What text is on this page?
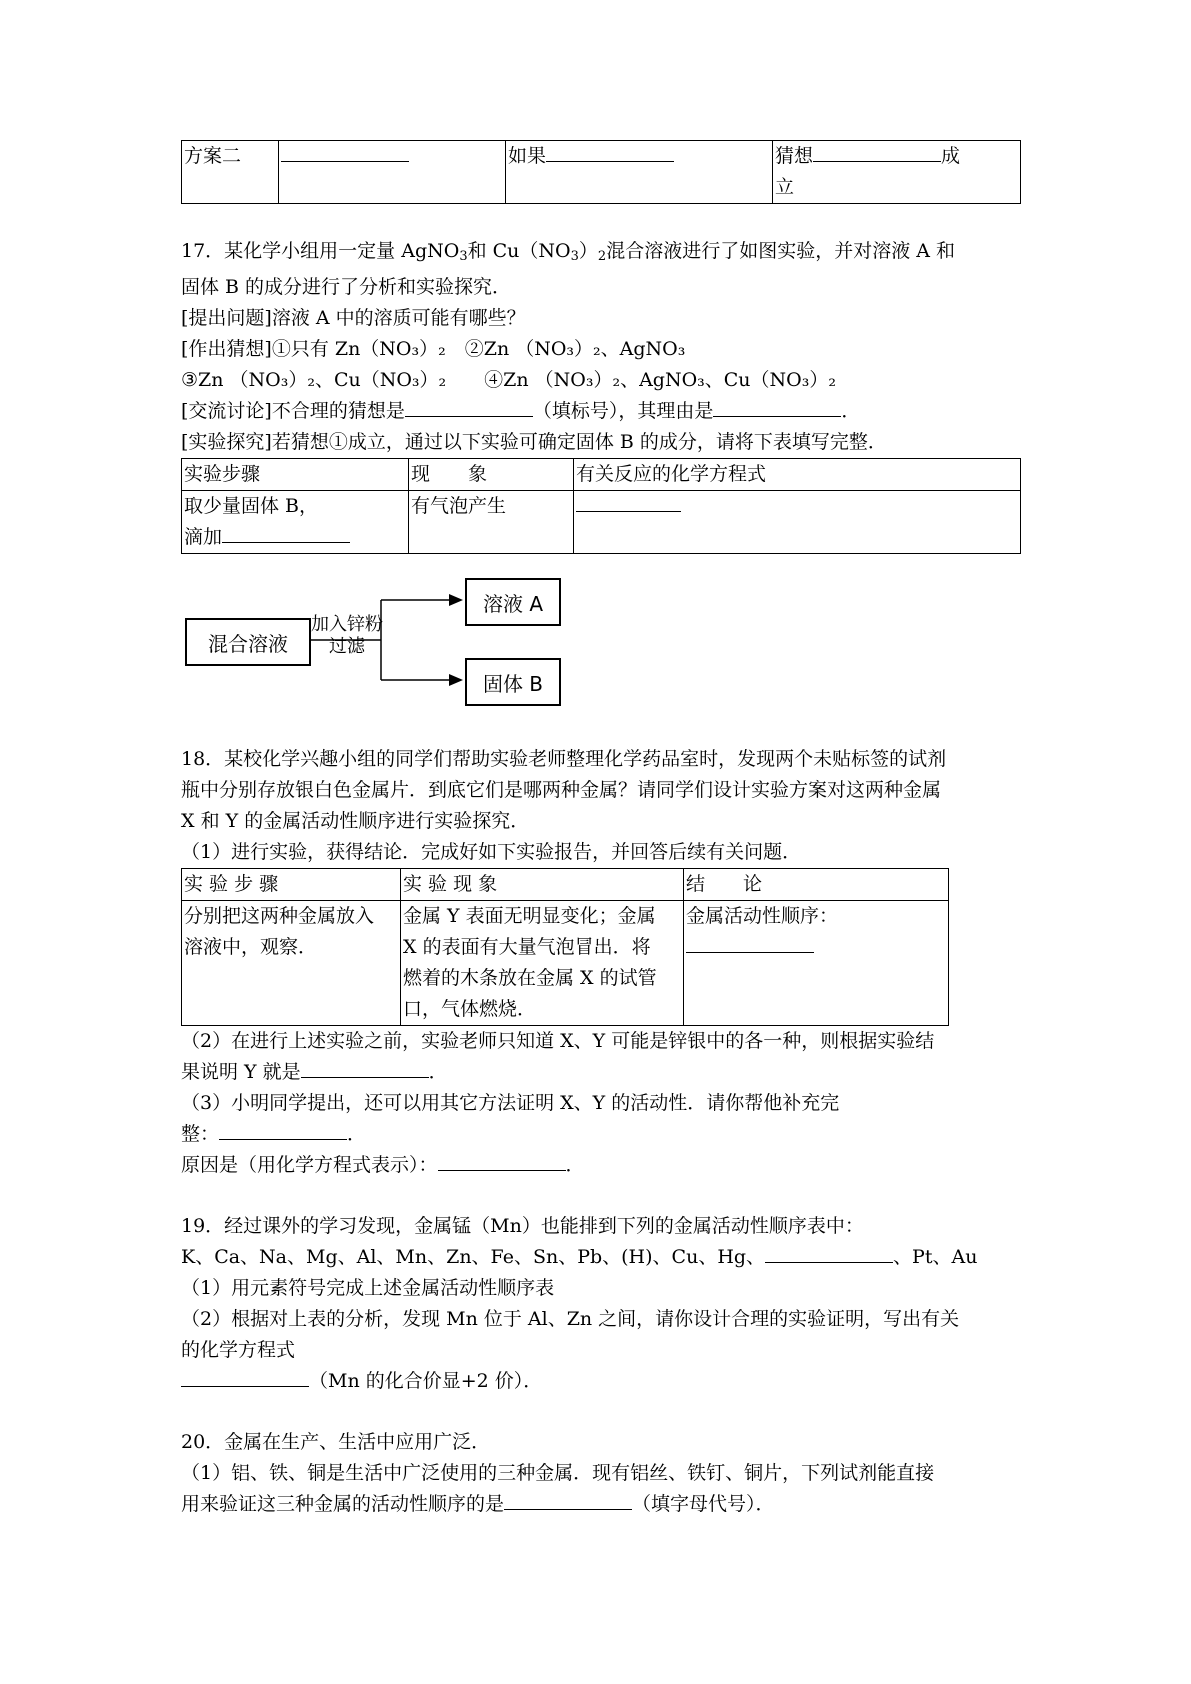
方案二		如果	猜想	成
立

17．某化学小组用一定量 AgNO$_3$和 $Cu(NO_3)_2$混合溶液进行了如图实验，并对溶液 A 和

固体 B 的成分进行了分析和实验探究．

[提出问题]溶液 A 中的溶质可能有哪些？

[作出猜想]①只有 Zn（NO₃）₂　②Zn （NO₃）₂、AgNO₃

③Zn （NO₃）₂、Cu（NO₃）₂　　④Zn （NO₃）₂、AgNO₃、Cu（NO₃）₂

[交流讨论]不合理的猜想是	（填标号），其理由是	．

[实验探究]若猜想①成立，通过以下实验可确定固体 B 的成分，请将下表填写完整．

实验步骤	现　　象	有关反应的化学方程式
取少量固体 B，
滴加	有气泡产生	
混合溶液
加入锌粉
过滤
溶液 A
固体 B

18．某校化学兴趣小组的同学们帮助实验老师整理化学药品室时，发现两个未贴标签的试剂

瓶中分别存放银白色金属片．到底它们是哪两种金属？请同学们设计实验方案对这两种金属

X 和 Y 的金属活动性顺序进行实验探究．

（1）进行实验，获得结论．完成好如下实验报告，并回答后续有关问题．

实 验 步 骤	实 验 现 象	结　　论
分别把这两种金属放入
溶液中，观察．	金属 Y 表面无明显变化；金属
X 的表面有大量气泡冒出．将
燃着的木条放在金属 X 的试管
口，气体燃烧．	金属活动性顺序：

（2）在进行上述实验之前，实验老师只知道 X、Y 可能是锌银中的各一种，则根据实验结

果说明 Y 就是	．

（3）小明同学提出，还可以用其它方法证明 X、Y 的活动性．请你帮他补充完

整：	．

原因是（用化学方程式表示）：	．

19．经过课外的学习发现，金属锰（Mn）也能排到下列的金属活动性顺序表中：

K、Ca、Na、Mg、Al、Mn、Zn、Fe、Sn、Pb、(H)、Cu、Hg、	、Pt、Au

（1）用元素符号完成上述金属活动性顺序表

（2）根据对上表的分析，发现 Mn 位于 Al、Zn 之间，请你设计合理的实验证明，写出有关

的化学方程式

（Mn 的化合价显+2 价）．

20．金属在生产、生活中应用广泛．

（1）铝、铁、铜是生活中广泛使用的三种金属．现有铝丝、铁钉、铜片，下列试剂能直接

用来验证这三种金属的活动性顺序的是	（填字母代号）．
